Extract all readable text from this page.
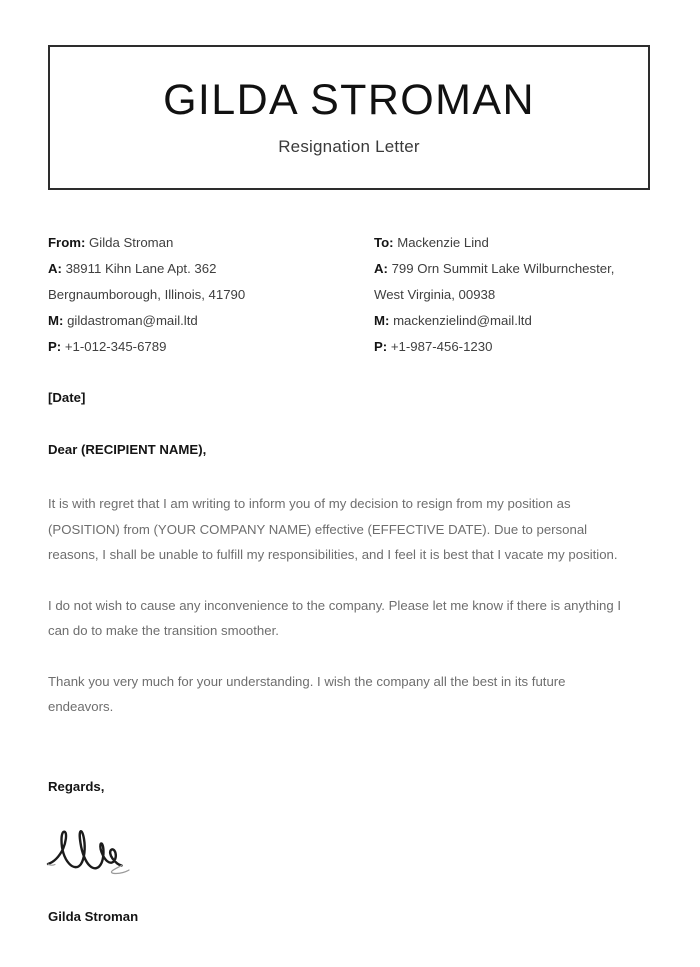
GILDA STROMAN
Resignation Letter
From: Gilda Stroman
A: 38911 Kihn Lane Apt. 362
Bergnaumborough, Illinois, 41790
M: gildastroman@mail.ltd
P: +1-012-345-6789
To: Mackenzie Lind
A: 799 Orn Summit Lake Wilburnchester,
West Virginia, 00938
M: mackenzielind@mail.ltd
P: +1-987-456-1230
[Date]
Dear (RECIPIENT NAME),

It is with regret that I am writing to inform you of my decision to resign from my position as (POSITION) from (YOUR COMPANY NAME) effective (EFFECTIVE DATE). Due to personal reasons, I shall be unable to fulfill my responsibilities, and I feel it is best that I vacate my position.

I do not wish to cause any inconvenience to the company. Please let me know if there is anything I can do to make the transition smoother.

Thank you very much for your understanding. I wish the company all the best in its future endeavors.

Regards,
Gilda Stroman
